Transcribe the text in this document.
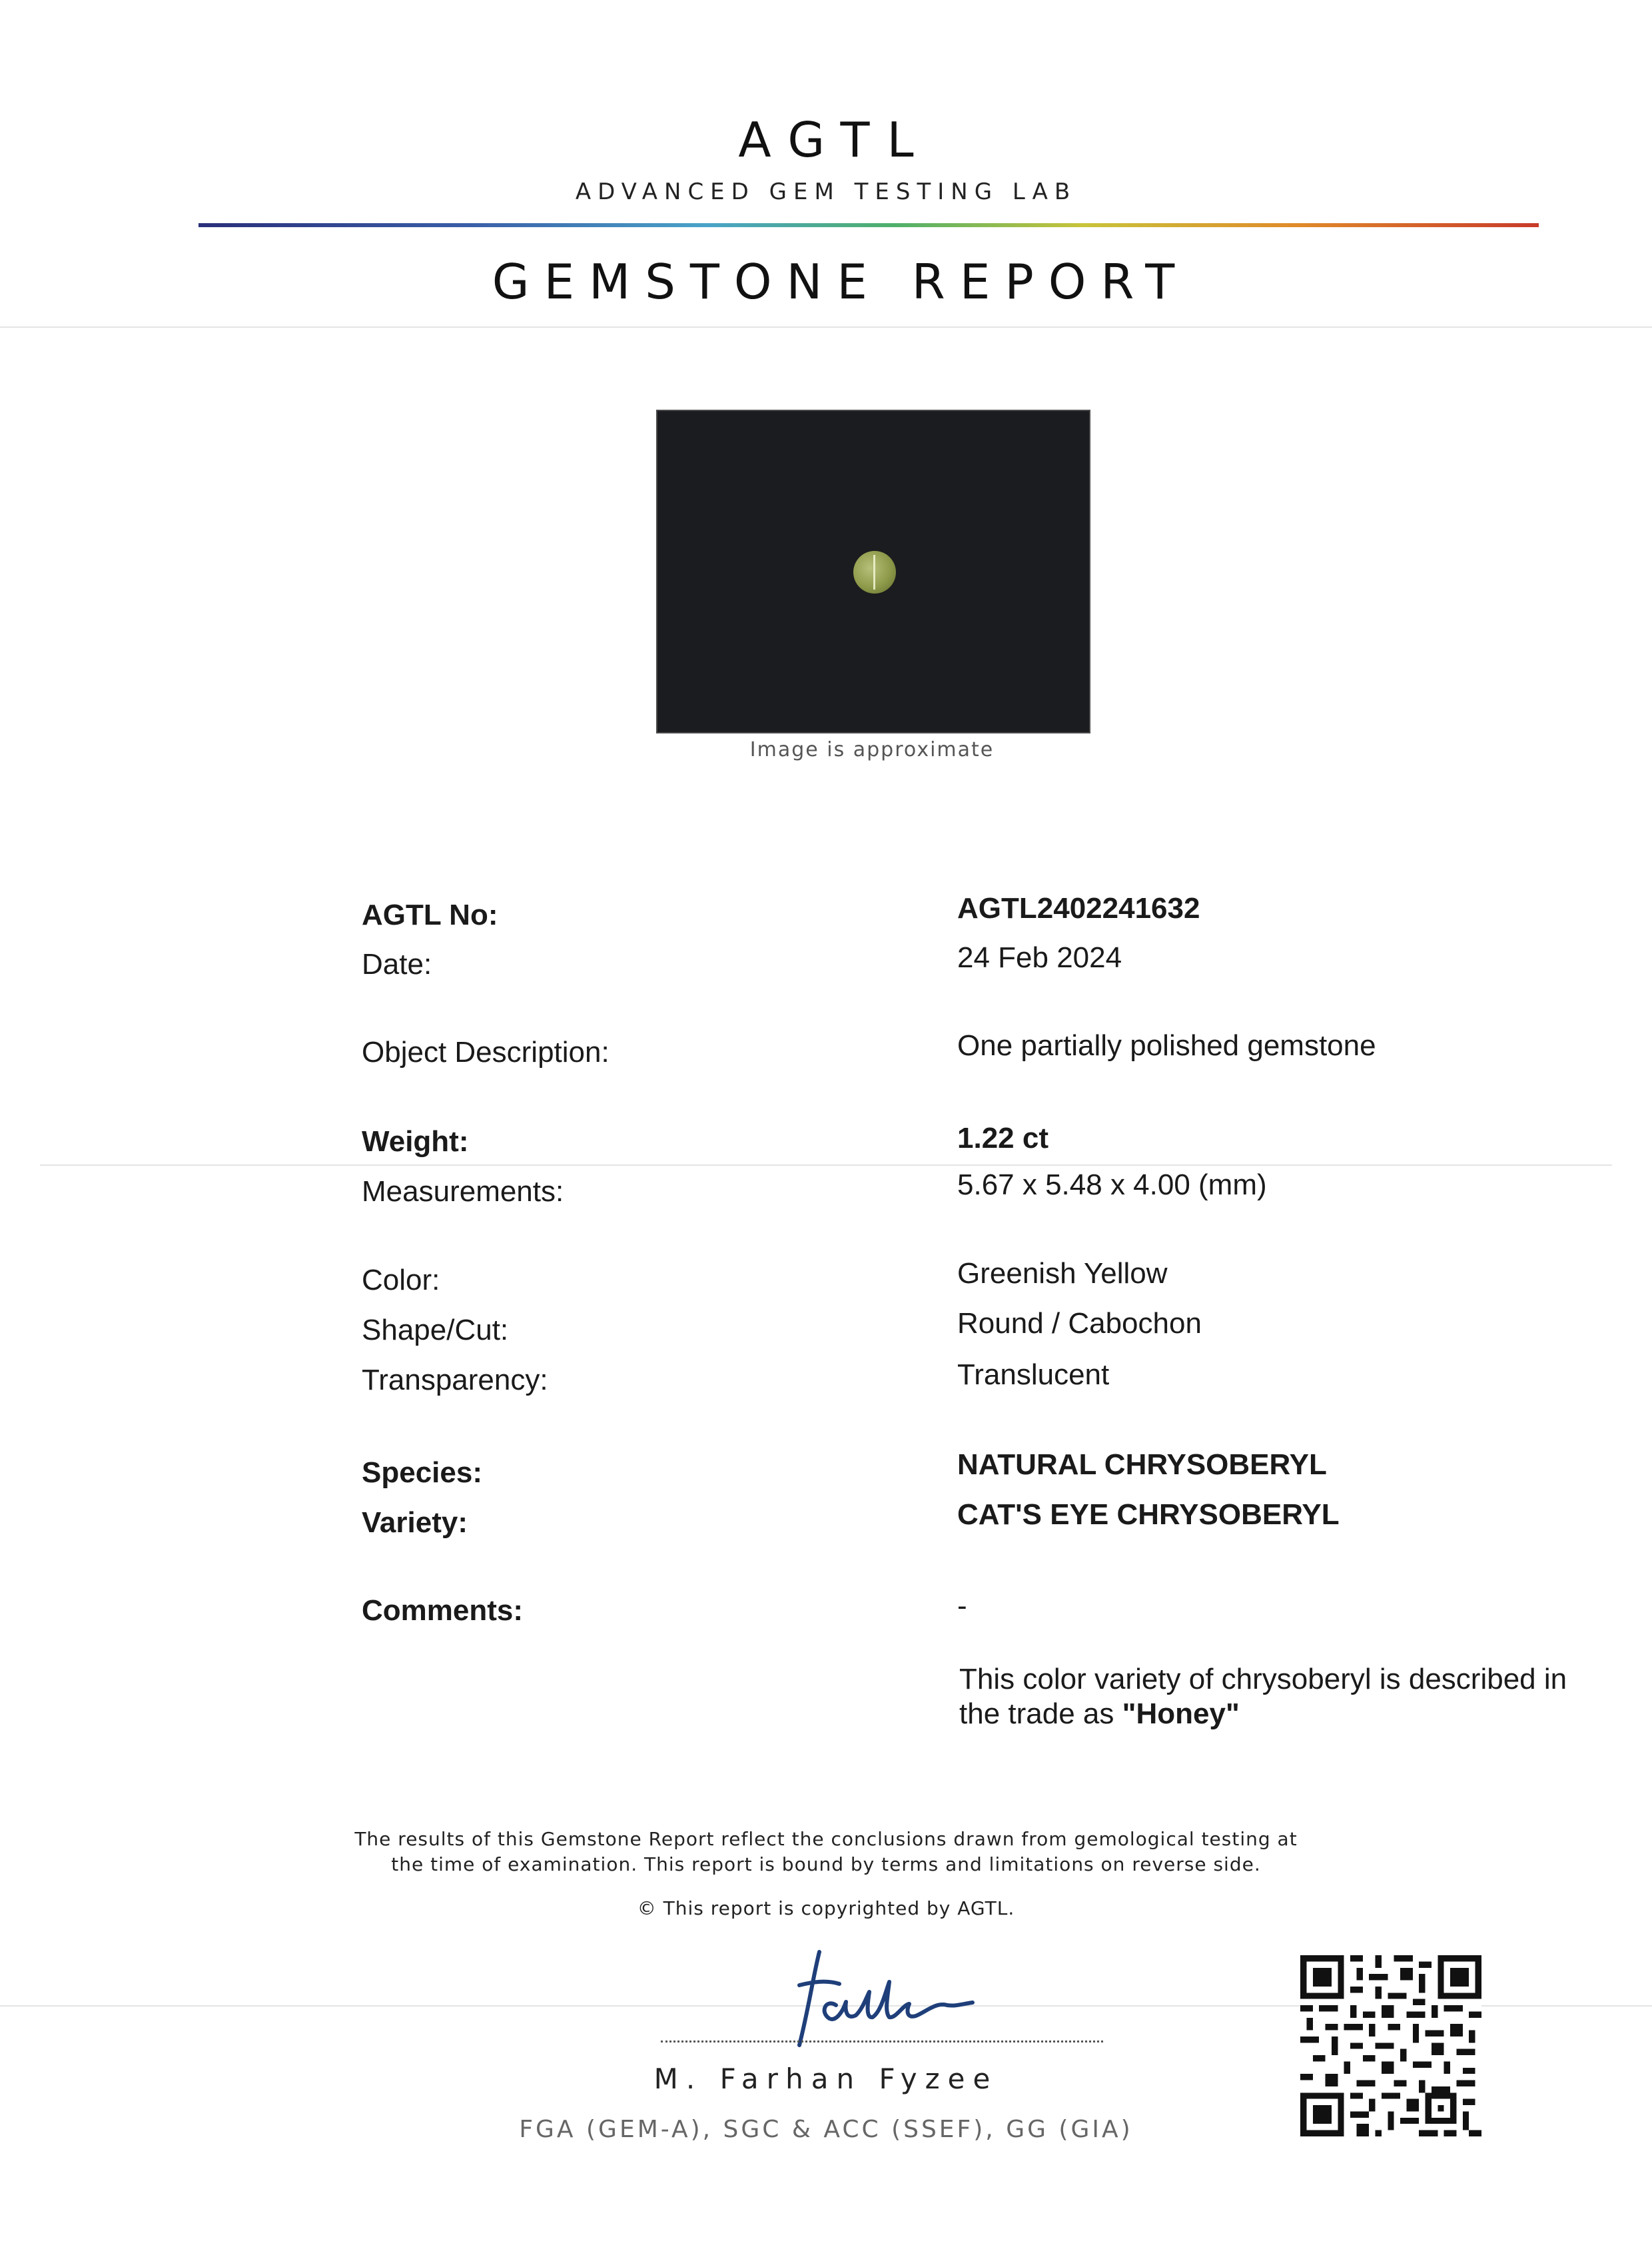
AGTL
ADVANCED GEM TESTING LAB
GEMSTONE REPORT
Image is approximate
AGTL No:	AGTL2402241632
Date:	24 Feb 2024
Object Description:	One partially polished gemstone
Weight:	1.22 ct
Measurements:	5.67 x 5.48 x 4.00 (mm)
Color:	Greenish Yellow
Shape/Cut:	Round / Cabochon
Transparency:	Translucent
Species:	NATURAL CHRYSOBERYL
Variety:	CAT'S EYE CHRYSOBERYL
Comments:	-
This color variety of chrysoberyl is described in the trade as "Honey"
The results of this Gemstone Report reflect the conclusions drawn from gemological testing at
the time of examination. This report is bound by terms and limitations on reverse side.
© This report is copyrighted by AGTL.
M. Farhan Fyzee
FGA (GEM-A), SGC & ACC (SSEF), GG (GIA)
